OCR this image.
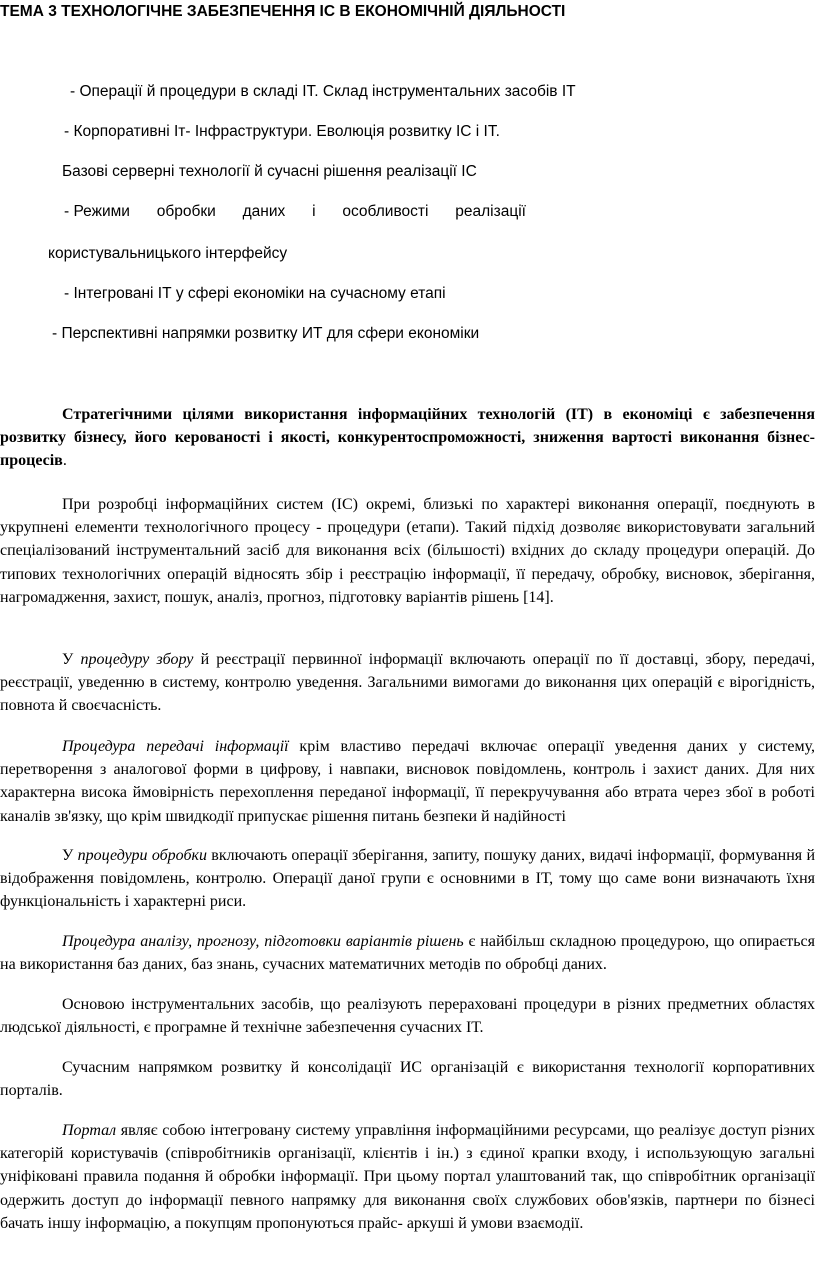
ТЕМА 3 ТЕХНОЛОГІЧНЕ ЗАБЕЗПЕЧЕННЯ ІС В ЕКОНОМІЧНІЙ ДІЯЛЬНОСТІ
- Операції й процедури в складі ІТ. Склад інструментальних засобів ІТ
- Корпоративні Іт- Інфраструктури. Еволюція розвитку ІС і ІТ.
Базові серверні технології й сучасні рішення реалізації ІС
- Режими обробки даних і особливості реалізації
користувальницького інтерфейсу
- Інтегровані ІТ у сфері економіки на сучасному етапі
- Перспективні напрямки розвитку ИТ для сфери економіки

Стратегічними цілями використання інформаційних технологій (ІТ) в економіці є забезпечення розвитку бізнесу, його керованості і якості, конкурентоспроможності, зниження вартості виконання бізнес- процесів.

При розробці інформаційних систем (ІС) окремі, близькі по характері виконання операції, поєднують в укрупнені елементи технологічного процесу - процедури (етапи). Такий підхід дозволяє використовувати загальний спеціалізований інструментальний засіб для виконання всіх (більшості) вхідних до складу процедури операцій. До типових технологічних операцій відносять збір і реєстрацію інформації, її передачу, обробку, висновок, зберігання, нагромадження, захист, пошук, аналіз, прогноз, підготовку варіантів рішень [14].

У процедуру збору й реєстрації первинної інформації включають операції по її доставці, збору, передачі, реєстрації, уведенню в систему, контролю уведення. Загальними вимогами до виконання цих операцій є вірогідність, повнота й своєчасність.

Процедура передачі інформації крім властиво передачі включає операції уведення даних у систему, перетворення з аналогової форми в цифрову, і навпаки, висновок повідомлень, контроль і захист даних. Для них характерна висока ймовірність перехоплення переданої інформації, її перекручування або втрата через збої в роботі каналів зв'язку, що крім швидкодії припускає рішення питань безпеки й надійності

У процедури обробки включають операції зберігання, запиту, пошуку даних, видачі інформації, формування й відображення повідомлень, контролю. Операції даної групи є основними в ІТ, тому що саме вони визначають їхня функціональність і характерні риси.

Процедура аналізу, прогнозу, підготовки варіантів рішень є найбільш складною процедурою, що опирається на використання баз даних, баз знань, сучасних математичних методів по обробці даних.

Основою інструментальних засобів, що реалізують перераховані процедури в різних предметних областях людської діяльності, є програмне й технічне забезпечення сучасних ІТ.

Сучасним напрямком розвитку й консолідації ИС організацій є використання технології корпоративних порталів.

Портал являє собою інтегровану систему управління інформаційними ресурсами, що реалізує доступ різних категорій користувачів (співробітників організації, клієнтів і ін.) з єдиної крапки входу, і использующую загальні уніфіковані правила подання й обробки інформації. При цьому портал улаштований так, що співробітник організації одержить доступ до інформації певного напрямку для виконання своїх службових обов'язків, партнери по бізнесі бачать іншу інформацію, а покупцям пропонуються прайс- аркуші й умови взаємодії.
